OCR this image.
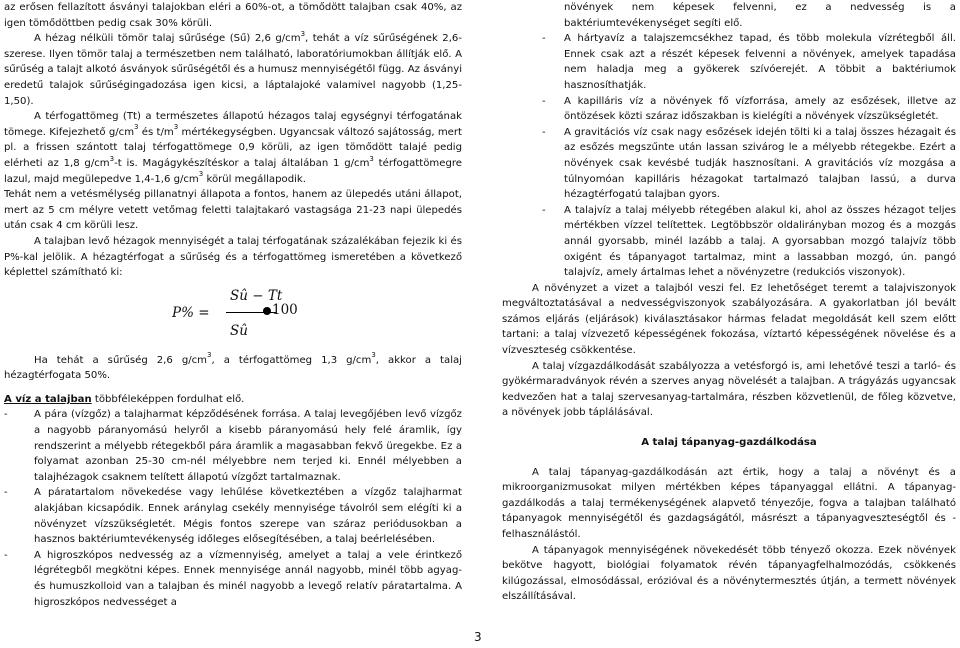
az erősen fellazított ásványi talajokban eléri a 60%-ot, a tömődött talajban csak 40%, az igen tömődöttben pedig csak 30% körüli.

A hézag nélküli tömör talaj sűrűsége (Sű) 2,6 $g/cm^3$, tehát a víz sűrűségének 2,6-szerese. Ilyen tömör talaj a természetben nem található, laboratóriumokban állítják elő. A sűrűség a talajt alkotó ásványok sűrűségétől és a humusz mennyiségétől függ. Az ásványi eredetű talajok sűrűségingadozása igen kicsi, a láptalajoké valamivel nagyobb (1,25-1,50).

A térfogattömeg (Tt) a természetes állapotú hézagos talaj egységnyi térfogatának tömege. Kifejezhető $g/cm^3$ és $t/m^3$ mértékegységben. Ugyancsak változó sajátosság, mert pl. a frissen szántott talaj térfogattömege 0,9 körüli, az igen tömődött talajé pedig elérheti az 1,8 $g/cm^3-t$ is. Magágykészítéskor a talaj általában 1 $g/cm^3$ térfogattömegre lazul, majd megülepedve 1,4-1,6 $g/cm^3$ körül megállapodik.

Tehát nem a vetésmélység pillanatnyi állapota a fontos, hanem az ülepedés utáni állapot, mert az 5 cm mélyre vetett vetőmag feletti talajtakaró vastagsága 21-23 napi ülepedés után csak 4 cm körüli lesz.

A talajban levő hézagok mennyiségét a talaj térfogatának százalékában fejezik ki és P%-kal jelölik. A hézagtérfogat a sűrűség és a térfogattömeg ismeretében a következő képlettel számítható ki:

P% =
Sû − Tt
Sû
100

Ha tehát a sűrűség 2,6 $g/cm^3$, a térfogattömeg 1,3 $g/cm^3$, akkor a talaj hézagtérfogata 50%.

A víz a talajban többféleképpen fordulhat elő.

-	A pára (vízgőz) a talajharmat képződésének forrása. A talaj levegőjében levő vízgőz a nagyobb páranyomású helyről a kisebb páranyomású hely felé áramlik, így rendszerint a mélyebb rétegekből pára áramlik a magasabban fekvő üregekbe. Ez a folyamat azonban 25-30 cm-nél mélyebbre nem terjed ki. Ennél mélyebben a talajhézagok csaknem telített állapotú vízgőzt tartalmaznak.
-	A páratartalom növekedése vagy lehűlése következtében a vízgőz talajharmat alakjában kicsapódik. Ennek aránylag csekély mennyisége távolról sem elégíti ki a növényzet vízszükségletét. Mégis fontos szerepe van száraz periódusokban a hasznos baktériumtevékenység időleges elősegítésében, a talaj beérlelésében.
-	A higroszkópos nedvesség az a vízmennyiség, amelyet a talaj a vele érintkező légrétegből megkötni képes. Ennek mennyisége annál nagyobb, minél több agyag- és humuszkolloid van a talajban és minél nagyobb a levegő relatív páratartalma. A higroszkópos nedvességet a
növények nem képesek felvenni, ez a nedvesség is a baktériumtevékenységet segíti elő.
-	A hártyavíz a talajszemcsékhez tapad, és több molekula vízrétegből áll. Ennek csak azt a részét képesek felvenni a növények, amelyek tapadása nem haladja meg a gyökerek szívóerejét. A többit a baktériumok hasznosíthatják.
-	A kapilláris víz a növények fő vízforrása, amely az esőzések, illetve az öntözések közti száraz időszakban is kielégíti a növények vízszükségletét.
-	A gravitációs víz csak nagy esőzések idején tölti ki a talaj összes hézagait és az esőzés megszűnte után lassan szivárog le a mélyebb rétegekbe. Ezért a növények csak kevésbé tudják hasznosítani. A gravitációs víz mozgása a túlnyomóan kapilláris hézagokat tartalmazó talajban lassú, a durva hézagtérfogatú talajban gyors.
-	A talajvíz a talaj mélyebb rétegében alakul ki, ahol az összes hézagot teljes mértékben vízzel telítettek. Legtöbbször oldalirányban mozog és a mozgás annál gyorsabb, minél lazább a talaj. A gyorsabban mozgó talajvíz több oxigént és tápanyagot tartalmaz, mint a lassabban mozgó, ún. pangó talajvíz, amely ártalmas lehet a növényzetre (redukciós viszonyok).

A növényzet a vizet a talajból veszi fel. Ez lehetőséget teremt a talajviszonyok megváltoztatásával a nedvességviszonyok szabályozására. A gyakorlatban jól bevált számos eljárás (eljárások) kiválasztásakor hármas feladat megoldását kell szem előtt tartani: a talaj vízvezető képességének fokozása, víztartó képességének növelése és a vízveszteség csökkentése.

A talaj vízgazdálkodását szabályozza a vetésforgó is, ami lehetővé teszi a tarló- és gyökérmaradványok révén a szerves anyag növelését a talajban. A trágyázás ugyancsak kedvezően hat a talaj szervesanyag-tartalmára, részben közvetlenül, de főleg közvetve, a növények jobb táplálásával.

A talaj tápanyag-gazdálkodása

A talaj tápanyag-gazdálkodásán azt értik, hogy a talaj a növényt és a mikroorganizmusokat milyen mértékben képes tápanyaggal ellátni. A tápanyag-gazdálkodás a talaj termékenységének alapvető tényezője, fogva a talajban található tápanyagok mennyiségétől és gazdagságától, másrészt a tápanyagveszteségtől és -felhasználástól.

A tápanyagok mennyiségének növekedését több tényező okozza. Ezek növények bekötve hagyott, biológiai folyamatok révén tápanyagfelhalmozódás, csökkenés kilúgozással, elmosódással, erózióval és a növénytermesztés útján, a termett növények elszállításával.

3
